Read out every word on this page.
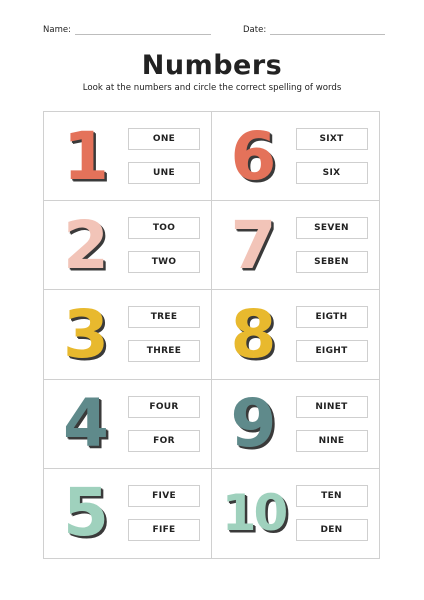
Name:	Date:
Numbers
Look at the numbers and circle the correct spelling of words
1	ONE
UNE 6	SIXT
SIX
2	TOO
TWO 7	SEVEN
SEBEN
3	TREE
THREE 8	EIGTH
EIGHT
4	FOUR
FOR 9	NINET
NINE
5	FIVE
FIFE 10	TEN
DEN
